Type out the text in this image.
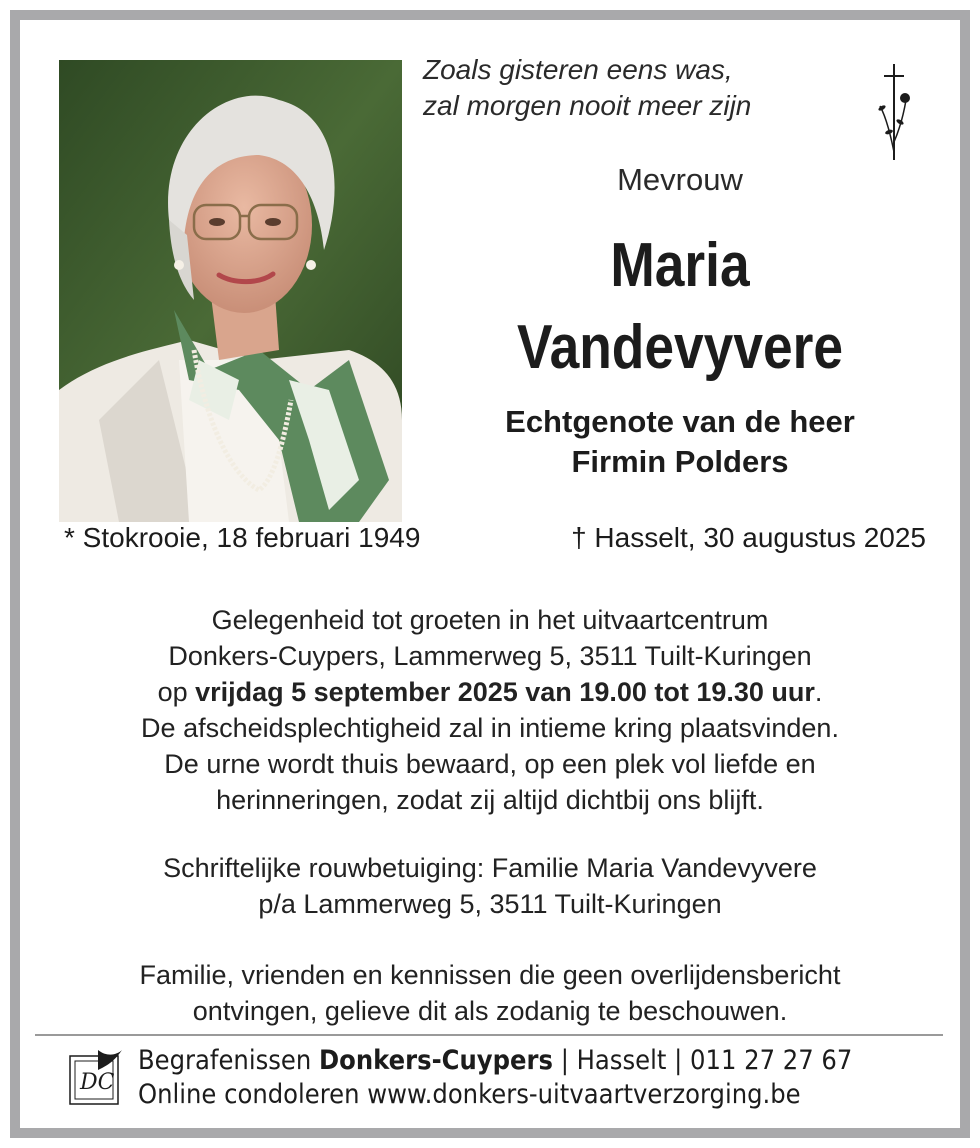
Zoals gisteren eens was,
zal morgen nooit meer zijn
Mevrouw
Maria
Vandevyvere
Echtgenote van de heer
Firmin Polders
* Stokrooie, 18 februari 1949	† Hasselt, 30 augustus 2025
Gelegenheid tot groeten in het uitvaartcentrum
Donkers-Cuypers, Lammerweg 5, 3511 Tuilt-Kuringen
op vrijdag 5 september 2025 van 19.00 tot 19.30 uur.
De afscheidsplechtigheid zal in intieme kring plaatsvinden.
De urne wordt thuis bewaard, op een plek vol liefde en
herinneringen, zodat zij altijd dichtbij ons blijft.
Schriftelijke rouwbetuiging: Familie Maria Vandevyvere
p/a Lammerweg 5, 3511 Tuilt-Kuringen
Familie, vrienden en kennissen die geen overlijdensbericht
ontvingen, gelieve dit als zodanig te beschouwen.
DC
Begrafenissen Donkers-Cuypers | Hasselt | 011 27 27 67
Online condoleren www.donkers-uitvaartverzorging.be
